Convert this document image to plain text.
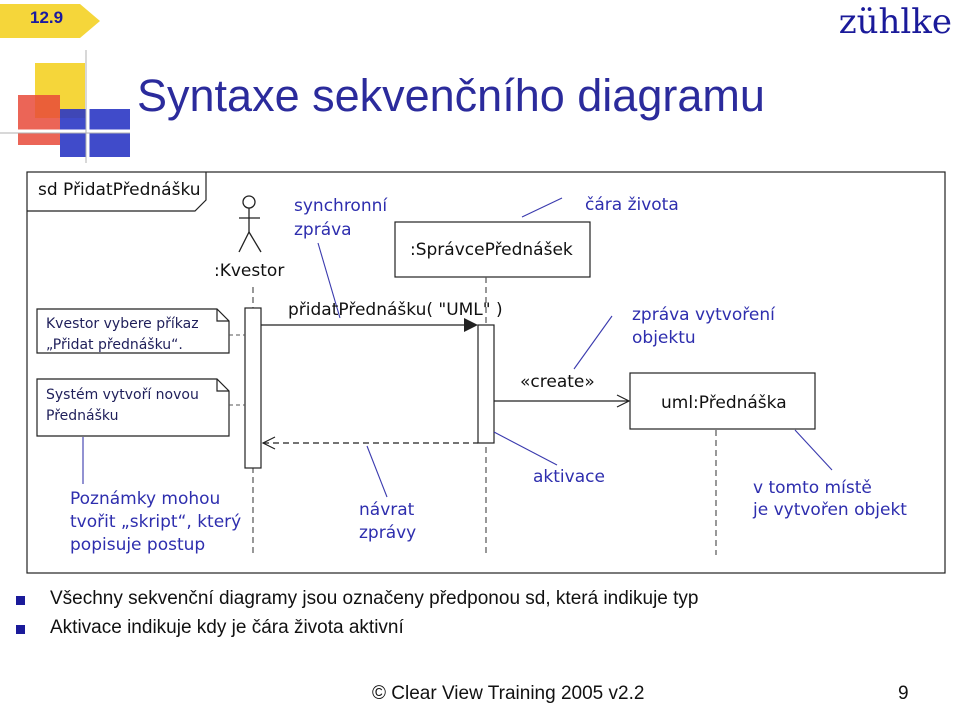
12.9	zühlke
Syntaxe sekvenčního diagramu
sd PřidatPřednášku
:Kvestor
:SprávcePřednášek
uml:Přednáška
přidatPřednášku( "UML" )
«create»
Kvestor vybere příkaz
„Přidat přednášku“.
Systém vytvoří novou
Přednášku
synchronní
zpráva
čára života
zpráva vytvoření
objektu
Poznámky mohou
tvořit „skript“, který
popisuje postup
návrat
zprávy
aktivace
v tomto místě
je vytvořen objekt
Všechny sekvenční diagramy jsou označeny předponou sd, která indikuje typ
Aktivace indikuje kdy je čára života aktivní
© Clear View Training 2005 v2.2	9
